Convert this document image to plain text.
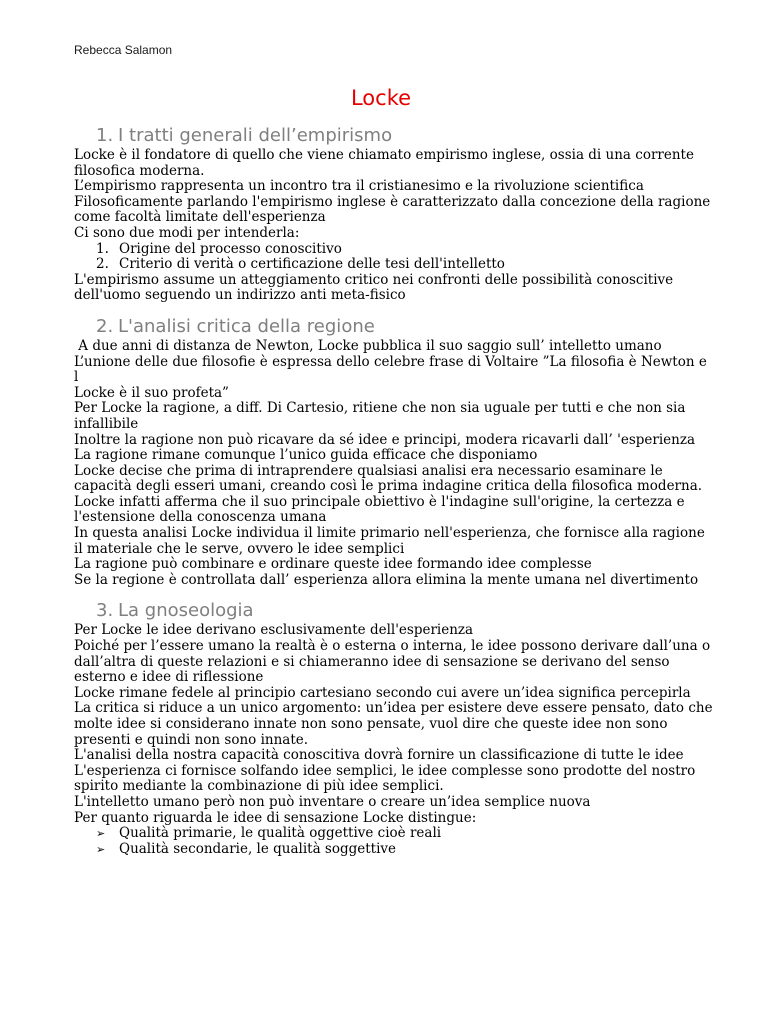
Rebecca Salamon
Locke
1. I tratti generali dell’empirismo

Locke è il fondatore di quello che viene chiamato empirismo inglese, ossia di una corrente filosofica moderna.

L’empirismo rappresenta un incontro tra il cristianesimo e la rivoluzione scientifica

Filosoficamente parlando l'empirismo inglese è caratterizzato dalla concezione della ragione come facoltà limitate dell'esperienza

Ci sono due modi per intenderla:

1. Origine del processo conoscitivo
2. Criterio di verità o certificazione delle tesi dell'intelletto

L'empirismo assume un atteggiamento critico nei confronti delle possibilità conoscitive dell'uomo seguendo un indirizzo anti meta-fisico

2. L'analisi critica della regione

A due anni di distanza de Newton, Locke pubblica il suo saggio sull’ intelletto umano

L’unione delle due filosofie è espressa dello celebre frase di Voltaire ”La filosofia è Newton e l

Locke è il suo profeta”

Per Locke la ragione, a diff. Di Cartesio, ritiene che non sia uguale per tutti e che non sia infallibile

Inoltre la ragione non può ricavare da sé idee e principi, modera ricavarli dall’ 'esperienza

La ragione rimane comunque l’unico guida efficace che disponiamo

Locke decise che prima di intraprendere qualsiasi analisi era necessario esaminare le capacità degli esseri umani, creando così le prima indagine critica della filosofica moderna.

Locke infatti afferma che il suo principale obiettivo è l'indagine sull'origine, la certezza e l'estensione della conoscenza umana

In questa analisi Locke individua il limite primario nell'esperienza, che fornisce alla ragione il materiale che le serve, ovvero le idee semplici

La ragione può combinare e ordinare queste idee formando idee complesse

Se la regione è controllata dall’ esperienza allora elimina la mente umana nel divertimento

3. La gnoseologia

Per Locke le idee derivano esclusivamente dell'esperienza

Poiché per l’essere umano la realtà è o esterna o interna, le idee possono derivare dall’una o dall’altra di queste relazioni e si chiameranno idee di sensazione se derivano del senso esterno e idee di riflessione

Locke rimane fedele al principio cartesiano secondo cui avere un’idea significa percepirla

La critica si riduce a un unico argomento: un’idea per esistere deve essere pensato, dato che molte idee si considerano innate non sono pensate, vuol dire che queste idee non sono presenti e quindi non sono innate.

L'analisi della nostra capacità conoscitiva dovrà fornire un classificazione di tutte le idee

L'esperienza ci fornisce solfando idee semplici, le idee complesse sono prodotte del nostro spirito mediante la combinazione di più idee semplici.

L'intelletto umano però non può inventare o creare un’idea semplice nuova

Per quanto riguarda le idee di sensazione Locke distingue:

➢	Qualità primarie, le qualità oggettive cioè reali
➢	Qualità secondarie, le qualità soggettive
